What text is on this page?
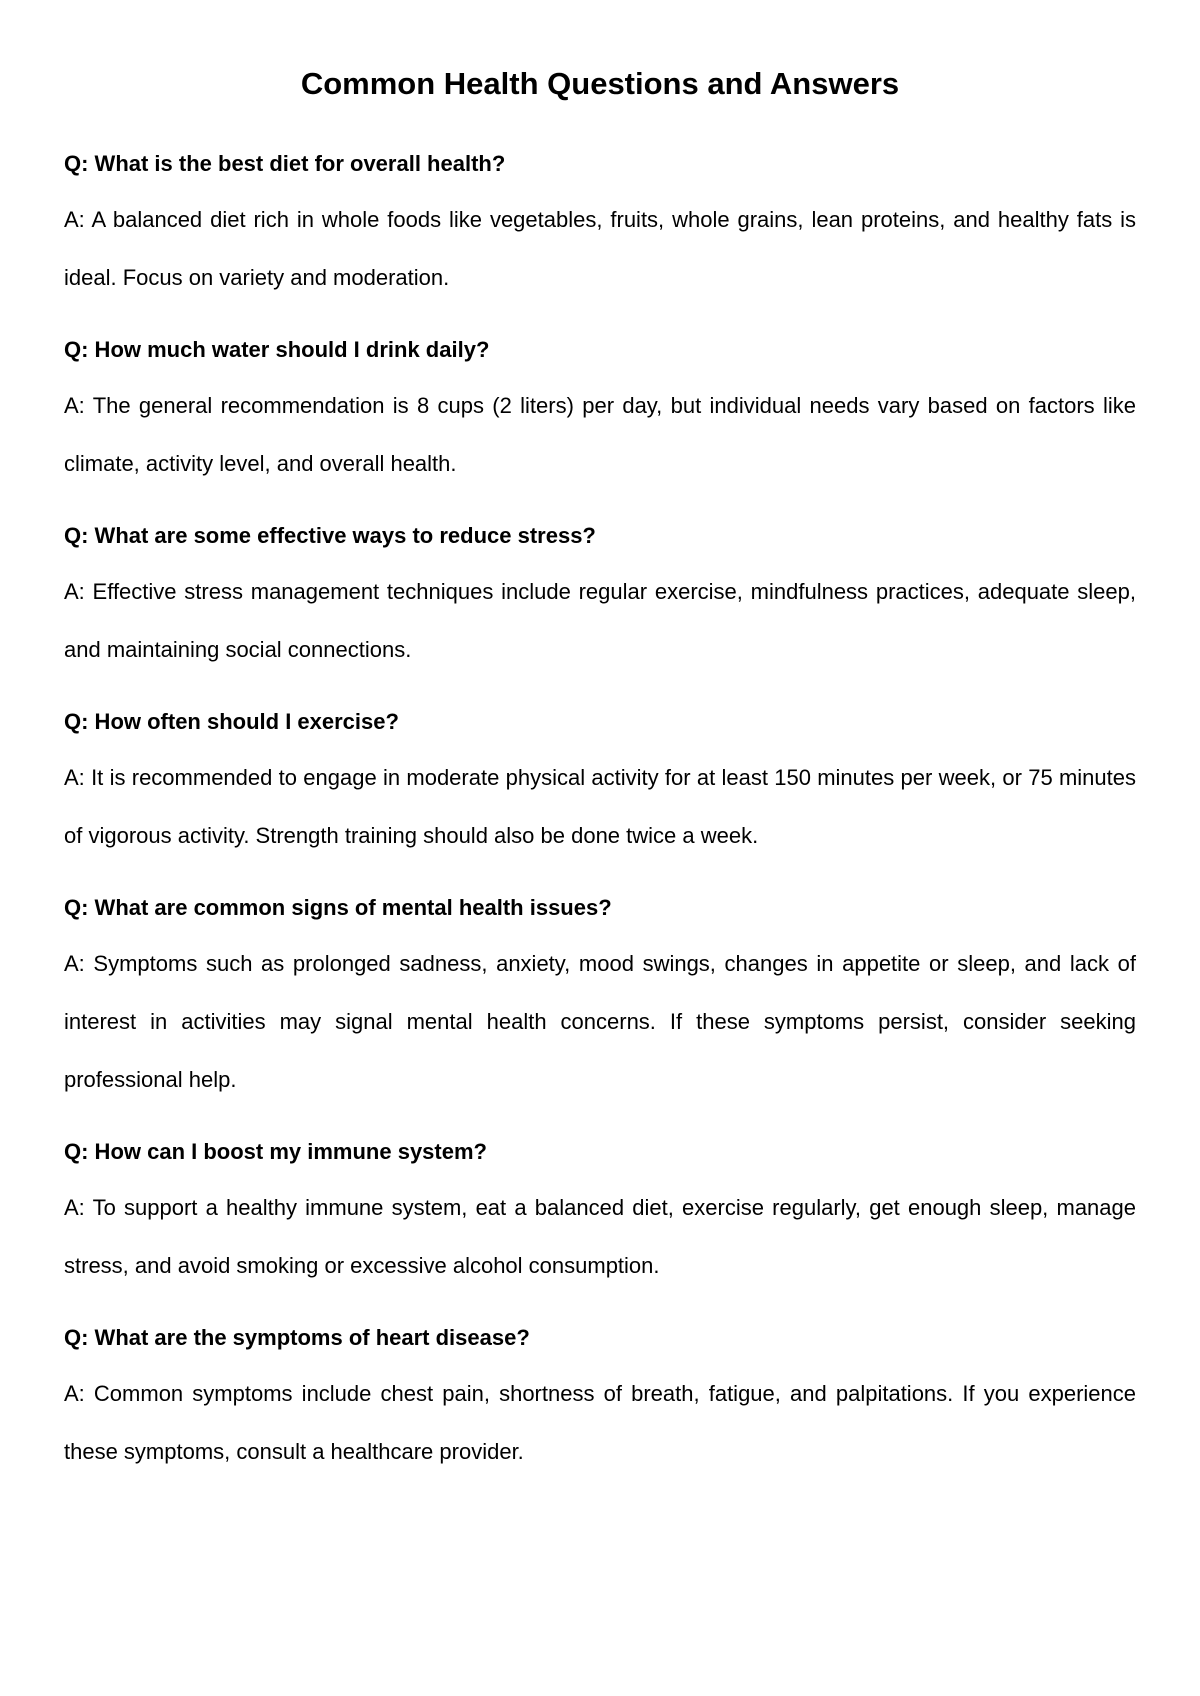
Common Health Questions and Answers

Q: What is the best diet for overall health?

A: A balanced diet rich in whole foods like vegetables, fruits, whole grains, lean proteins, and healthy fats is ideal. Focus on variety and moderation.

Q: How much water should I drink daily?

A: The general recommendation is 8 cups (2 liters) per day, but individual needs vary based on factors like climate, activity level, and overall health.

Q: What are some effective ways to reduce stress?

A: Effective stress management techniques include regular exercise, mindfulness practices, adequate sleep, and maintaining social connections.

Q: How often should I exercise?

A: It is recommended to engage in moderate physical activity for at least 150 minutes per week, or 75 minutes of vigorous activity. Strength training should also be done twice a week.

Q: What are common signs of mental health issues?

A: Symptoms such as prolonged sadness, anxiety, mood swings, changes in appetite or sleep, and lack of interest in activities may signal mental health concerns. If these symptoms persist, consider seeking professional help.

Q: How can I boost my immune system?

A: To support a healthy immune system, eat a balanced diet, exercise regularly, get enough sleep, manage stress, and avoid smoking or excessive alcohol consumption.

Q: What are the symptoms of heart disease?

A: Common symptoms include chest pain, shortness of breath, fatigue, and palpitations. If you experience these symptoms, consult a healthcare provider.
